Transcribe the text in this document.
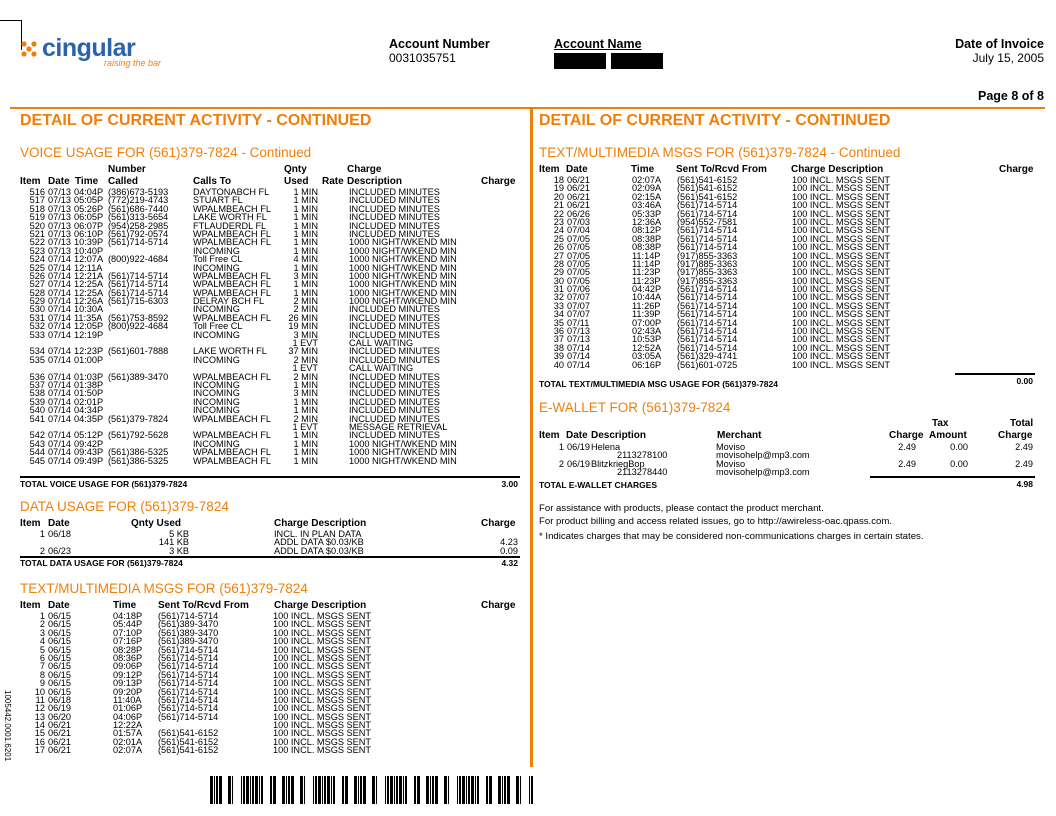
cingular
raising the bar
Account Number
0031035751
Account Name
	Date of Invoice
July 15, 2005
Page 8 of 8
DETAIL OF CURRENT ACTIVITY - CONTINUED	DETAIL OF CURRENT ACTIVITY - CONTINUED
VOICE USAGE FOR (561)379-7824 - Continued
Number	Qnty	Charge
Item Date Time Called	Calls To	Used Rate Description	Charge
516 07/13 04:04P (386)673-5193	DAYTONABCH FL	1 MIN	INCLUDED MINUTES
517 07/13 05:05P (772)219-4743	STUART FL	1 MIN	INCLUDED MINUTES
518 07/13 05:26P (561)686-7440	WPALMBEACH FL 1 MIN	INCLUDED MINUTES
519 07/13 06:05P (561)313-5654	LAKE WORTH FL	1 MIN	INCLUDED MINUTES
520 07/13 06:07P (954)258-2985	FTLAUDERDL FL	1 MIN	INCLUDED MINUTES
521 07/13 06:10P (561)792-0574	WPALMBEACH FL 1 MIN	INCLUDED MINUTES
522 07/13 10:39P (561)714-5714	WPALMBEACH FL 1 MIN	1000 NIGHT/WKEND MIN
523 07/13 10:40P	INCOMING	1 MIN	1000 NIGHT/WKEND MIN
524 07/14 12:07A (800)922-4684	Toll Free CL	4 MIN	1000 NIGHT/WKEND MIN
525 07/14 12:11A	INCOMING	1 MIN	1000 NIGHT/WKEND MIN
526 07/14 12:21A (561)714-5714	WPALMBEACH FL 3 MIN	1000 NIGHT/WKEND MIN
527 07/14 12:25A (561)714-5714	WPALMBEACH FL 1 MIN	1000 NIGHT/WKEND MIN
528 07/14 12:25A (561)714-5714	WPALMBEACH FL 1 MIN	1000 NIGHT/WKEND MIN
529 07/14 12:26A (561)715-6303	DELRAY BCH FL	2 MIN	1000 NIGHT/WKEND MIN
530 07/14 10:30A	INCOMING	2 MIN	INCLUDED MINUTES
531 07/14 11:35A (561)753-8592	WPALMBEACH FL 26 MIN	INCLUDED MINUTES
532 07/14 12:05P (800)922-4684	Toll Free CL	19 MIN	INCLUDED MINUTES
533 07/14 12:19P	INCOMING	3 MIN	INCLUDED MINUTES
1 EVT	CALL WAITING
534 07/14 12:23P (561)601-7888	LAKE WORTH FL 37 MIN	INCLUDED MINUTES
535 07/14 01:00P	INCOMING	2 MIN	INCLUDED MINUTES
1 EVT	CALL WAITING
536 07/14 01:03P (561)389-3470	WPALMBEACH FL 2 MIN	INCLUDED MINUTES
537 07/14 01:38P	INCOMING	1 MIN	INCLUDED MINUTES
538 07/14 01:50P	INCOMING	3 MIN	INCLUDED MINUTES
539 07/14 02:01P	INCOMING	1 MIN	INCLUDED MINUTES
540 07/14 04:34P	INCOMING	1 MIN	INCLUDED MINUTES
541 07/14 04:35P (561)379-7824	WPALMBEACH FL 2 MIN	INCLUDED MINUTES
1 EVT	MESSAGE RETRIEVAL
542 07/14 05:12P (561)792-5628	WPALMBEACH FL 1 MIN	INCLUDED MINUTES
543 07/14 09:42P	INCOMING	1 MIN	1000 NIGHT/WKEND MIN
544 07/14 09:43P (561)386-5325	WPALMBEACH FL 1 MIN	1000 NIGHT/WKEND MIN
545 07/14 09:49P (561)386-5325	WPALMBEACH FL 1 MIN	1000 NIGHT/WKEND MIN
TOTAL VOICE USAGE FOR (561)379-7824	3.00
DATA USAGE FOR (561)379-7824
Item Date	Qnty Used	Charge Description	Charge
1 06/18	5 KB	INCL. IN PLAN DATA
141 KB	ADDL DATA $0.03/KB	4.23
2 06/23	3 KB	ADDL DATA $0.03/KB	0.09
TOTAL DATA USAGE FOR (561)379-7824	4.32
TEXT/MULTIMEDIA MSGS FOR (561)379-7824
Item Date	Time Sent To/Rcvd From	Charge Description	Charge
1 06/15	04:18P (561)714-5714	100 INCL. MSGS SENT
2 06/15	05:44P (561)389-3470	100 INCL. MSGS SENT
3 06/15	07:10P (561)389-3470	100 INCL. MSGS SENT
4 06/15	07:16P (561)389-3470	100 INCL. MSGS SENT
5 06/15	08:28P (561)714-5714	100 INCL. MSGS SENT
6 06/15	08:36P (561)714-5714	100 INCL. MSGS SENT
7 06/15	09:06P (561)714-5714	100 INCL. MSGS SENT
8 06/15	09:12P (561)714-5714	100 INCL. MSGS SENT
9 06/15	09:13P (561)714-5714	100 INCL. MSGS SENT
10 06/15	09:20P (561)714-5714	100 INCL. MSGS SENT
11 06/18	11:40A (561)714-5714	100 INCL. MSGS SENT
12 06/19	01:06P (561)714-5714	100 INCL. MSGS SENT
13 06/20	04:06P (561)714-5714	100 INCL. MSGS SENT
14 06/21	12:22A	100 INCL. MSGS SENT
15 06/21	01:57A (561)541-6152	100 INCL. MSGS SENT
16 06/21	02:01A (561)541-6152	100 INCL. MSGS SENT
17 06/21	02:07A (561)541-6152	100 INCL. MSGS SENT
TEXT/MULTIMEDIA MSGS FOR (561)379-7824 - Continued
Item Date	Time Sent To/Rcvd From Charge Description	Charge
18 06/21	02:07A (561)541-6152	100 INCL. MSGS SENT
19 06/21	02:09A (561)541-6152	100 INCL. MSGS SENT
20 06/21	02:15A (561)541-6152	100 INCL. MSGS SENT
21 06/21	03:46A (561)714-5714	100 INCL. MSGS SENT
22 06/26	05:33P (561)714-5714	100 INCL. MSGS SENT
23 07/03	12:36A (954)552-7581	100 INCL. MSGS SENT
24 07/04	08:12P (561)714-5714	100 INCL. MSGS SENT
25 07/05	08:38P (561)714-5714	100 INCL. MSGS SENT
26 07/05	08:38P (561)714-5714	100 INCL. MSGS SENT
27 07/05	11:14P (917)855-3363	100 INCL. MSGS SENT
28 07/05	11:14P (917)885-3363	100 INCL. MSGS SENT
29 07/05	11:23P (917)855-3363	100 INCL. MSGS SENT
30 07/05	11:23P (917)855-3363	100 INCL. MSGS SENT
31 07/06	04:42P (561)714-5714	100 INCL. MSGS SENT
32 07/07	10:44A (561)714-5714	100 INCL. MSGS SENT
33 07/07	11:26P (561)714-5714	100 INCL. MSGS SENT
34 07/07	11:39P (561)714-5714	100 INCL. MSGS SENT
35 07/11	07:00P (561)714-5714	100 INCL. MSGS SENT
36 07/13	02:43A (561)714-5714	100 INCL. MSGS SENT
37 07/13	10:53P (561)714-5714	100 INCL. MSGS SENT
38 07/14	12:52A (561)714-5714	100 INCL. MSGS SENT
39 07/14	03:05A (561)329-4741	100 INCL. MSGS SENT
40 07/14	06:16P (561)601-0725	100 INCL. MSGS SENT
TOTAL TEXT/MULTIMEDIA MSG USAGE FOR (561)379-7824	0.00
E-WALLET FOR (561)379-7824
Tax	Total
Item Date Description	Merchant	Charge Amount	Charge
1 06/19 Helena	Moviso	2.49	0.00	2.49
2113278100	movisohelp@mp3.com
2 06/19 BlitzkriegBop	Moviso	2.49	0.00	2.49
2113278440	movisohelp@mp3.com
TOTAL E-WALLET CHARGES	4.98
For assistance with products, please contact the product merchant.
For product billing and access related issues, go to http://awireless-oac.qpass.com.
* Indicates charges that may be considered non-communications charges in certain states.
1005442.0001.6201
